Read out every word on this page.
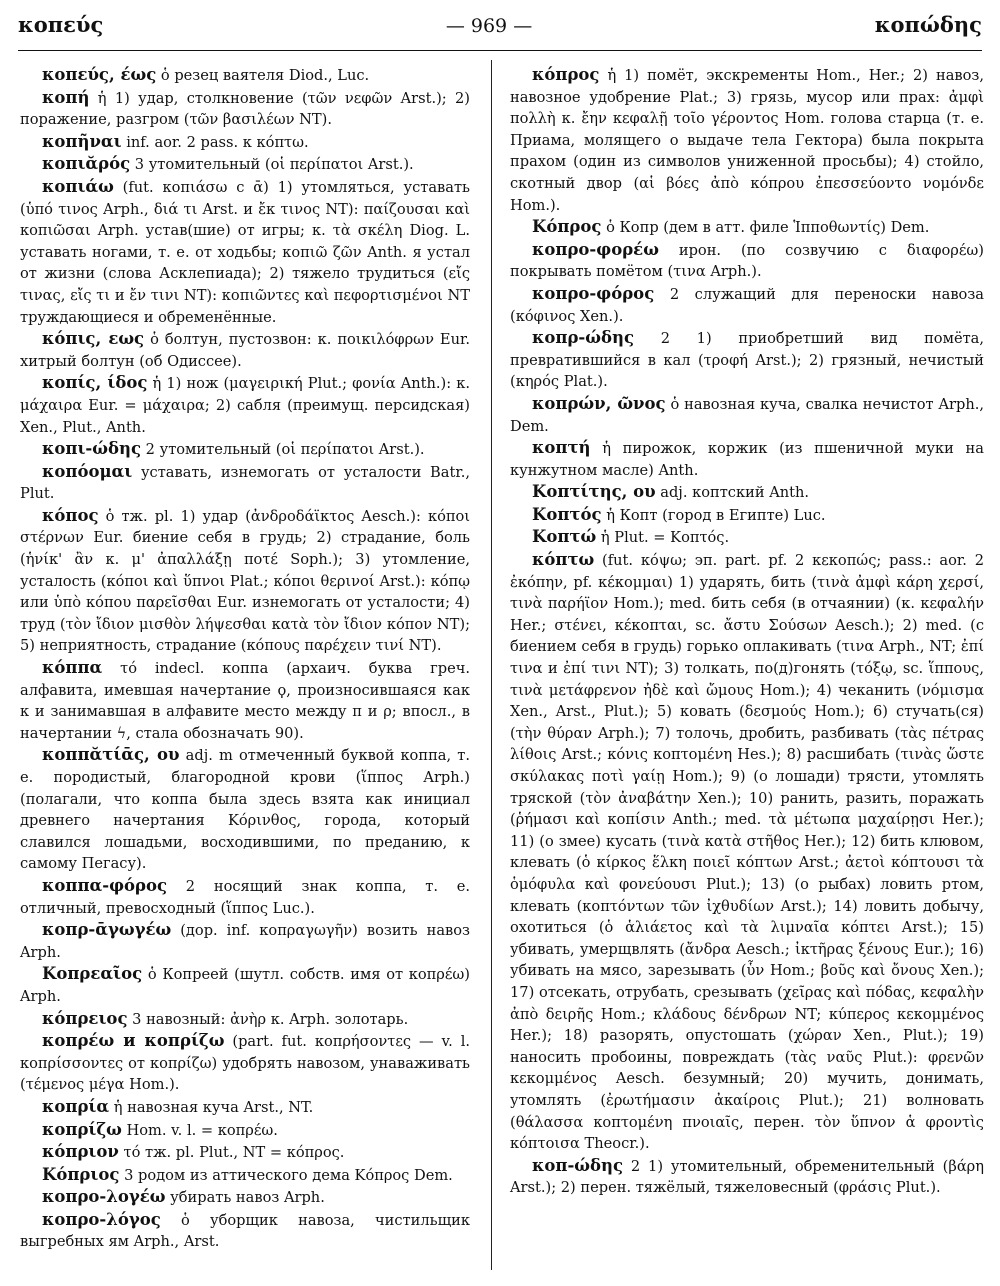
κοπεύς	— 969 —	κοπώδης

κοπεύς, έως ὁ резец ваятеля Diod., Luc.

κοπή ἡ 1) удар, столкновение (τῶν νεφῶν Arst.); 2) поражение, разгром (τῶν βασιλέων NT).

κοπῆναι inf. aor. 2 pass. к κόπτω.

κοπιᾰρός 3 утомительный (οἱ περίπατοι Arst.).

κοπιάω (fut. κοπιάσω с ᾱ) 1) утомляться, уставать (ὑπό τινος Arph., διά τι Arst. и ἔκ τινος NT): παίζουσαι καὶ κοπιῶσαι Arph. устав(шие) от игры; κ. τὰ σκέλη Diog. L. уставать ногами, т. е. от ходьбы; κοπιῶ ζῶν Anth. я устал от жизни (слова Асклепиада); 2) тяжело трудиться (εἴς τινας, εἴς τι и ἔν τινι NT): κοπιῶντες καὶ πεφορτισμένοι NT труждающиеся и обременённые.

κόπις, εως ὁ болтун, пустозвон: κ. ποικιλόφρων Eur. хитрый болтун (об Одиссее).

κοπίς, ίδος ἡ 1) нож (μαγειρική Plut.; φονία Anth.): κ. μάχαιρα Eur. = μάχαιρα; 2) сабля (преимущ. персидская) Xen., Plut., Anth.

κοπι-ώδης 2 утомительный (οἱ περίπατοι Arst.).

κοπόομαι уставать, изнемогать от усталости Batr., Plut.

κόπος ὁ тж. pl. 1) удар (ἀνδροδάϊκτος Aesch.): κόποι στέρνων Eur. биение себя в грудь; 2) страдание, боль (ἡνίκ' ἂν κ. μ' ἀπαλλάξῃ ποτέ Soph.); 3) утомление, усталость (κόποι καὶ ὕπνοι Plat.; κόποι θερινοί Arst.): κόπῳ или ὑπὸ κόπου παρεῖσθαι Eur. изнемогать от усталости; 4) труд (τὸν ἴδιον μισθὸν λήψεσθαι κατὰ τὸν ἴδιον κόπον NT); 5) неприятность, страдание (κόπους παρέχειν τινί NT).

κόππα τό indecl. коппа (архаич. буква греч. алфавита, имевшая начертание ϙ, произносившаяся как к и занимавшая в алфавите место между π и ρ; впосл., в начертании ϟ, стала обозначать 90).

κοππᾰτίᾱς, ου adj. m отмеченный буквой коппа, т. е. породистый, благородной крови (ἵππος Arph.) (полагали, что коппа была здесь взята как инициал древнего начертания Κόρινθος, города, который славился лошадьми, восходившими, по преданию, к самому Пегасу).

κοππα-φόρος 2 носящий знак коппа, т. е. отличный, превосходный (ἵππος Luc.).

κοπρ-ᾱγωγέω (дор. inf. κοπραγωγῆν) возить навоз Arph.

Κοπρεαῖος ὁ Копреей (шутл. собств. имя от κοπρέω) Arph.

κόπρειος 3 навозный: ἀνὴρ κ. Arph. золотарь.

κοπρέω и κοπρίζω (part. fut. κοπρήσοντες — v. l. κοπρίσσοντες от κοπρίζω) удобрять навозом, унаваживать (τέμενος μέγα Hom.).

κοπρία ἡ навозная куча Arst., NT.

κοπρίζω Hom. v. l. = κοπρέω.

κόπριον τό тж. pl. Plut., NT = κόπρος.

Κόπριος 3 родом из аттического дема Κόπρος Dem.

κοπρο-λογέω убирать навоз Arph.

κοπρο-λόγος ὁ уборщик навоза, чистильщик выгребных ям Arph., Arst.

κόπρος ἡ 1) помёт, экскременты Hom., Her.; 2) навоз, навозное удобрение Plat.; 3) грязь, мусор или прах: ἀμφὶ πολλὴ κ. ἔην κεφαλῇ τοῖο γέροντος Hom. голова старца (т. е. Приама, молящего о выдаче тела Гектора) была покрыта прахом (один из символов униженной просьбы); 4) стойло, скотный двор (αἱ βόες ἀπὸ κόπρου ἐπεσσεύοντο νομόνδε Hom.).

Κόπρος ὁ Копр (дем в атт. филе Ἱπποθωντίς) Dem.

κοπρο-φορέω ирон. (по созвучию с διαφορέω) покрывать помётом (τινα Arph.).

κοπρο-φόρος 2 служащий для переноски навоза (κόφινος Xen.).

κοπρ-ώδης 2 1) приобретший вид помёта, превратившийся в кал (τροφή Arst.); 2) грязный, нечистый (κηρός Plat.).

κοπρών, ῶνος ὁ навозная куча, свалка нечистот Arph., Dem.

κοπτή ἡ пирожок, коржик (из пшеничной муки на кунжутном масле) Anth.

Κοπτίτης, ου adj. коптский Anth.

Κοπτός ἡ Копт (город в Египте) Luc.

Κοπτώ ἡ Plut. = Κοπτός.

κόπτω (fut. κόψω; эп. part. pf. 2 κεκοπώς; pass.: aor. 2 ἐκόπην, pf. κέκομμαι) 1) ударять, бить (τινὰ ἀμφὶ κάρη χερσί, τινὰ παρήϊον Hom.); med. бить себя (в отчаянии) (κ. κεφαλήν Her.; στένει, κέκοπται, sc. ἄστυ Σούσων Aesch.); 2) med. (с биением себя в грудь) горько оплакивать (τινα Arph., NT; ἐπί τινα и ἐπί τινι NT); 3) толкать, по(д)гонять (τόξῳ, sc. ἵππους, τινὰ μετάφρενον ἠδὲ καὶ ὤμους Hom.); 4) чеканить (νόμισμα Xen., Arst., Plut.); 5) ковать (δεσμούς Hom.); 6) стучать(ся) (τὴν θύραν Arph.); 7) толочь, дробить, разбивать (τὰς πέτρας λίθοις Arst.; κόνις κοπτομένη Hes.); 8) расшибать (τινὰς ὥστε σκύλακας ποτὶ γαίῃ Hom.); 9) (о лошади) трясти, утомлять тряской (τὸν ἀναβάτην Xen.); 10) ранить, разить, поражать (ῥήμασι καὶ κοπίσιν Anth.; med. τὰ μέτωπα μαχαίρῃσι Her.); 11) (о змее) кусать (τινὰ κατὰ στῆθος Her.); 12) бить клювом, клевать (ὁ κίρκος ἕλκη ποιεῖ κόπτων Arst.; ἀετοὶ κόπτουσι τὰ ὁμόφυλα καὶ φονεύουσι Plut.); 13) (о рыбах) ловить ртом, клевать (κοπτόντων τῶν ἰχθυδίων Arst.); 14) ловить добычу, охотиться (ὁ ἁλιάετος καὶ τὰ λιμναῖα κόπτει Arst.); 15) убивать, умерщвлять (ἄνδρα Aesch.; ἰκτῆρας ξένους Eur.); 16) убивать на мясо, зарезывать (ὗν Hom.; βοῦς καὶ ὄνους Xen.); 17) отсекать, отрубать, срезывать (χεῖρας καὶ πόδας, κεφαλὴν ἀπὸ δειρῆς Hom.; κλάδους δένδρων NT; κύπερος κεκομμένος Her.); 18) разорять, опустошать (χώραν Xen., Plut.); 19) наносить пробоины, повреждать (τὰς ναῦς Plut.): φρενῶν κεκομμένος Aesch. безумный; 20) мучить, донимать, утомлять (ἐρωτήμασιν ἀκαίροις Plut.); 21) волновать (θάλασσα κοπτομένη πνοιαῖς, перен. τὸν ὕπνον ἁ φροντὶς κόπτοισα Theocr.).

κοπ-ώδης 2 1) утомительный, обременительный (βάρη Arst.); 2) перен. тяжёлый, тяжеловесный (φράσις Plut.).
